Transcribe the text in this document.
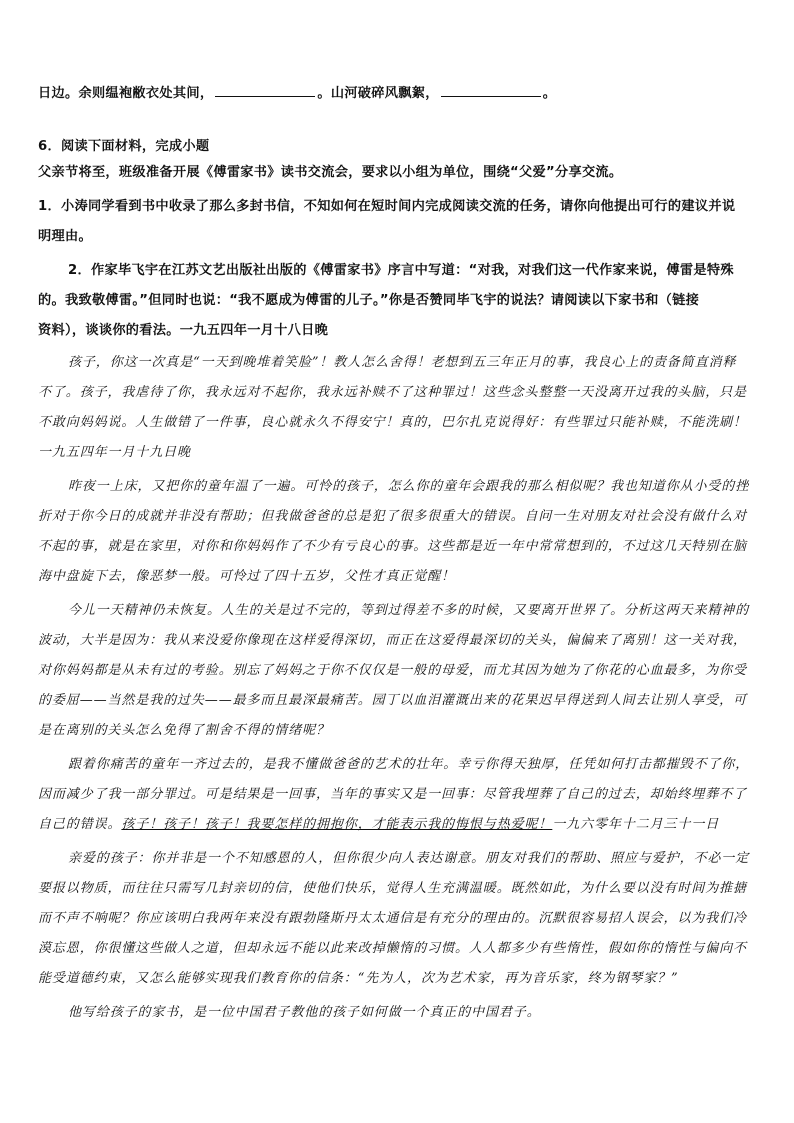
日边。余则缊袍敝衣处其间，	。山河破碎风飘絮，	。
6．阅读下面材料，完成小题
父亲节将至，班级准备开展《傅雷家书》读书交流会，要求以小组为单位，围绕“父爱”分享交流。
1．小涛同学看到书中收录了那么多封书信，不知如何在短时间内完成阅读交流的任务，请你向他提出可行的建议并说
明理由。
2．作家毕飞宇在江苏文艺出版社出版的《傅雷家书》序言中写道：“对我，对我们这一代作家来说，傅雷是特殊
的。我致敬傅雷。”但同时也说：“我不愿成为傅雷的儿子。”你是否赞同毕飞宇的说法？请阅读以下家书和（链接
资料），谈谈你的看法。一九五四年一月十八日晚
孩子，你这一次真是“一天到晚堆着笑脸”！教人怎么舍得！老想到五三年正月的事，我良心上的责备简直消释
不了。孩子，我虐待了你，我永远对不起你，我永远补赎不了这种罪过！这些念头整整一天没离开过我的头脑，只是
不敢向妈妈说。人生做错了一件事，良心就永久不得安宁！真的，巴尔扎克说得好：有些罪过只能补赎，不能洗刷！
一九五四年一月十九日晚
昨夜一上床，又把你的童年温了一遍。可怜的孩子，怎么你的童年会跟我的那么相似呢？我也知道你从小受的挫
折对于你今日的成就并非没有帮助；但我做爸爸的总是犯了很多很重大的错误。自问一生对朋友对社会没有做什么对
不起的事，就是在家里，对你和你妈妈作了不少有亏良心的事。这些都是近一年中常常想到的，不过这几天特别在脑
海中盘旋下去，像恶梦一般。可怜过了四十五岁，父性才真正觉醒！
今儿一天精神仍未恢复。人生的关是过不完的，等到过得差不多的时候，又要离开世界了。分析这两天来精神的
波动，大半是因为：我从来没爱你像现在这样爱得深切，而正在这爱得最深切的关头，偏偏来了离别！这一关对我，
对你妈妈都是从未有过的考验。别忘了妈妈之于你不仅仅是一般的母爱，而尤其因为她为了你花的心血最多，为你受
的委屈——当然是我的过失——最多而且最深最痛苦。园丁以血泪灌溉出来的花果迟早得送到人间去让别人享受，可
是在离别的关头怎么免得了割舍不得的情绪呢？
跟着你痛苦的童年一齐过去的，是我不懂做爸爸的艺术的壮年。幸亏你得天独厚，任凭如何打击都摧毁不了你，
因而减少了我一部分罪过。可是结果是一回事，当年的事实又是一回事：尽管我埋葬了自己的过去，却始终埋葬不了
自己的错误。孩子！孩子！孩子！我要怎样的拥抱你，才能表示我的悔恨与热爱呢！一九六零年十二月三十一日
亲爱的孩子：你并非是一个不知感恩的人，但你很少向人表达谢意。朋友对我们的帮助、照应与爱护，不必一定
要报以物质，而往往只需写几封亲切的信，使他们快乐，觉得人生充满温暖。既然如此，为什么要以没有时间为推搪
而不声不响呢？你应该明白我两年来没有跟勃隆斯丹太太通信是有充分的理由的。沉默很容易招人误会，以为我们冷
漠忘恩，你很懂这些做人之道，但却永远不能以此来改掉懒惰的习惯。人人都多少有些惰性，假如你的惰性与偏向不
能受道德约束，又怎么能够实现我们教育你的信条：“先为人，次为艺术家，再为音乐家，终为钢琴家？”
他写给孩子的家书，是一位中国君子教他的孩子如何做一个真正的中国君子。
